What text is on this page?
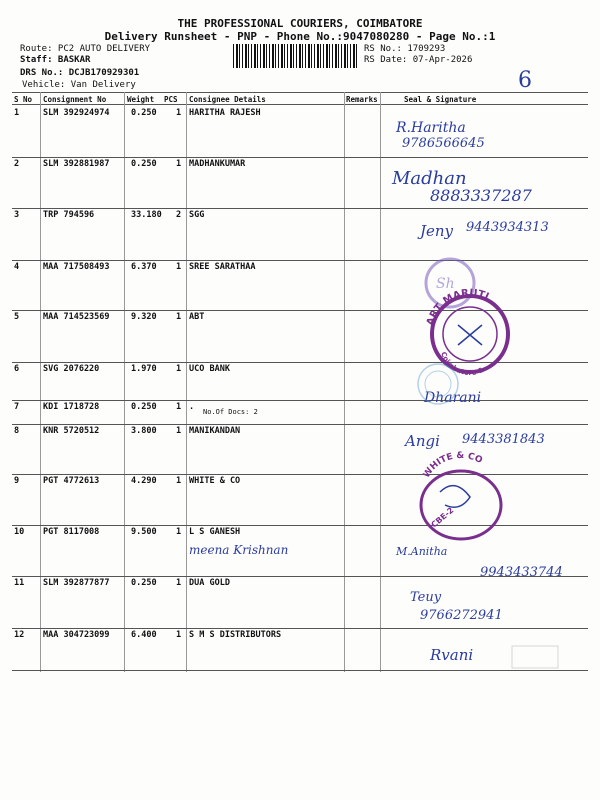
THE PROFESSIONAL COURIERS, COIMBATORE
Delivery Runsheet - PNP - Phone No.:9047080280 - Page No.:1
Route: PC2 AUTO DELIVERY
Staff: BASKAR
DRS No.: DCJB170929301
Vehicle: Van Delivery
RS No.: 1709293
RS Date: 07-Apr-2026
6
S No Consignment No	Weight PCS Consignee Details	Remarks	Seal & Signature
1	SLM 392924974	0.250 1 HARITHA RAJESH
R.Haritha
9786566645
2	SLM 392881987	0.250 1 MADHANKUMAR
Madhan
8883337287
3	TRP 794596	33.180 2 SGG
Jeny 9443934313
4	MAA 717508493	6.370 1 SREE SARATHAA
5	MAA 714523569	9.320 1 ABT
6	SVG 2076220	1.970 1 UCO BANK
7	KDI 1718728	0.250 1 . No.Of Docs: 2
Dharani
8	KNR 5720512	3.800 1 MANIKANDAN
Angi 9443381843
9	PGT 4772613	4.290 1 WHITE & CO
10 PGT 8117008	9.500 1 L S GANESH
meena Krishnan	M.Anitha
9943433744
11 SLM 392877877	0.250 1 DUA GOLD
Teuy
9766272941
12 MAA 304723099	6.400 1 S M S DISTRIBUTORS
Rvani
Sh
ART MARUTI
Coimbatore-1
WHITE & CO
CBE-2
